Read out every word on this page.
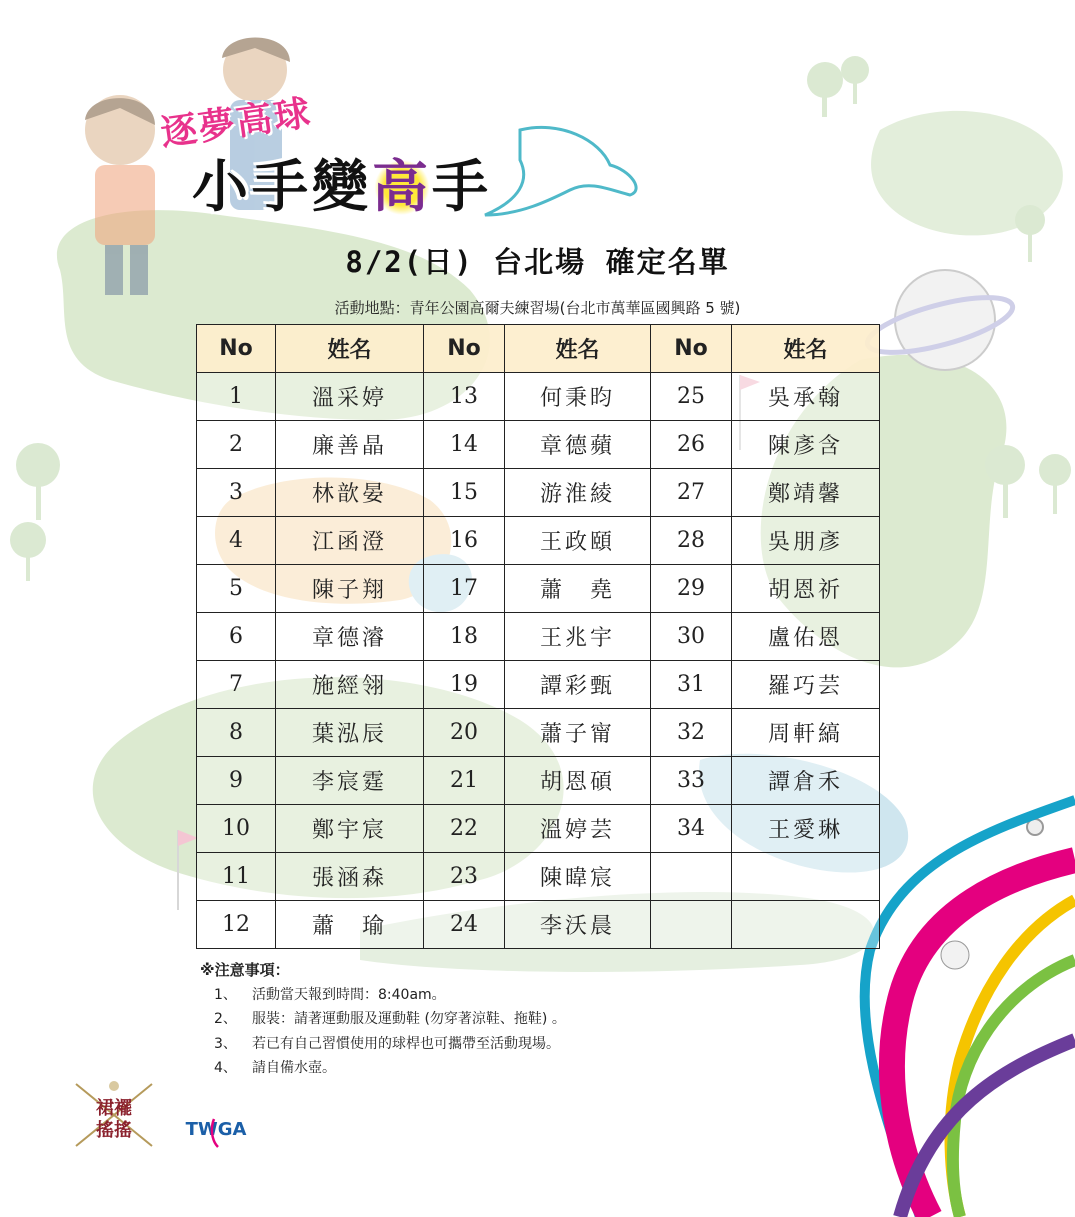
逐夢高球
小手變高手
8/2(日) 台北場 確定名單
活動地點：青年公園高爾夫練習場(台北市萬華區國興路 5 號)
No	姓名	No	姓名	No	姓名
1	溫采婷	13	何秉昀	25	吳承翰
2	廉善晶	14	章德蘋	26	陳彥含
3	林歆晏	15	游淮綾	27	鄭靖馨
4	江函澄	16	王政頤	28	吳朋彥
5	陳子翔	17	蕭　堯	29	胡恩祈
6	章德濬	18	王兆宇	30	盧佑恩
7	施經翎	19	譚彩甄	31	羅巧芸
8	葉泓辰	20	蕭子甯	32	周軒縞
9	李宸霆	21	胡恩碩	33	譚倉禾
10	鄭宇宸	22	溫婷芸	34	王愛琳
11	張涵森	23	陳暐宸		
12	蕭　瑜	24	李沃晨		
※注意事項：
1、 活動當天報到時間：8:40am。
2、 服裝：請著運動服及運動鞋 (勿穿著涼鞋、拖鞋) 。
3、 若已有自己習慣使用的球桿也可攜帶至活動現場。
4、 請自備水壺。
裙襬
搖搖	TWGA
